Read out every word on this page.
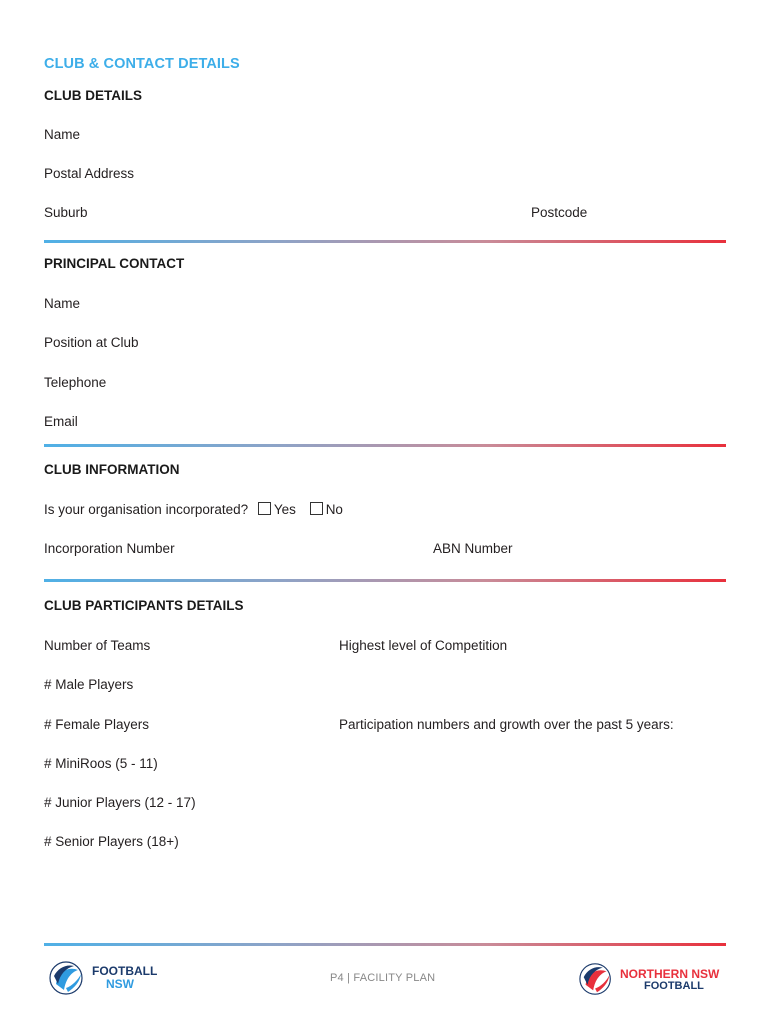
CLUB & CONTACT DETAILS
CLUB DETAILS
Name
Postal Address
Suburb	Postcode
PRINCIPAL CONTACT
Name
Position at Club
Telephone
Email
CLUB INFORMATION
Is your organisation incorporated? Yes No
Incorporation Number	ABN Number
CLUB PARTICIPANTS DETAILS
Number of Teams	Highest level of Competition
# Male Players
# Female Players	Participation numbers and growth over the past 5 years:
# MiniRoos (5 - 11)
# Junior Players (12 - 17)
# Senior Players (18+)
FOOTBALL
NSW	P4 | FACILITY PLAN	NORTHERN NSW
FOOTBALL
